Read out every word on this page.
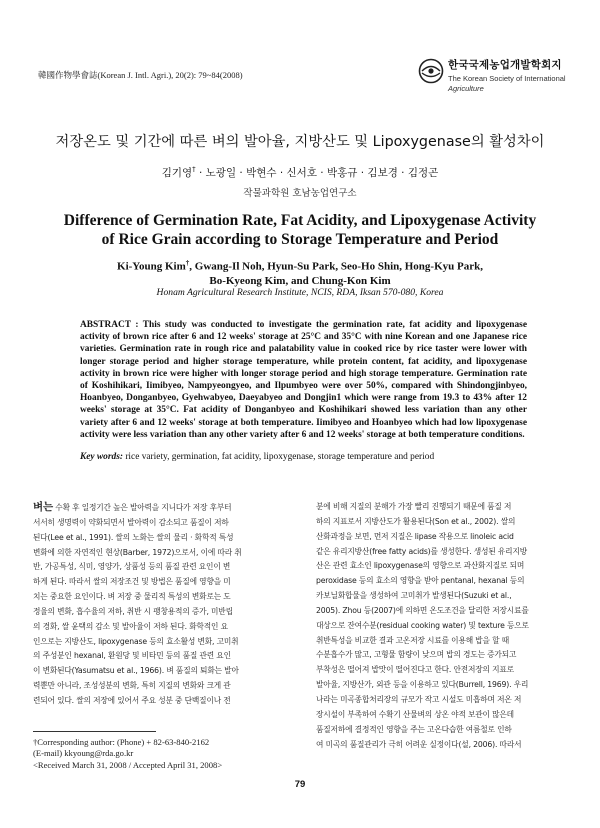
韓國作物學會誌(Korean J. Intl. Agri.), 20(2): 79~84(2008)
한국국제농업개발학회지
The Korean Society of International
Agriculture
저장온도 및 기간에 따른 벼의 발아율, 지방산도 및 Lipoxygenase의 활성차이
김기영† · 노광일 · 박현수 · 신서호 · 박홍규 · 김보경 · 김정곤
작물과학원 호남농업연구소
Difference of Germination Rate, Fat Acidity, and Lipoxygenase Activity
of Rice Grain according to Storage Temperature and Period
Ki-Young Kim†, Gwang-Il Noh, Hyun-Su Park, Seo-Ho Shin, Hong-Kyu Park,
Bo-Kyeong Kim, and Chung-Kon Kim
Honam Agricultural Research Institute, NCIS, RDA, Iksan 570-080, Korea
ABSTRACT : This study was conducted to investigate the germination rate, fat acidity and lipoxygenase activity of brown rice after 6 and 12 weeks' storage at 25°C and 35°C with nine Korean and one Japanese rice varieties. Germination rate in rough rice and palatability value in cooked rice by rice taster were lower with longer storage period and higher storage temperature, while protein content, fat acidity, and lipoxygenase activity in brown rice were higher with longer storage period and high storage temperature. Germination rate of Koshihikari, Iimibyeo, Nampyeongyeo, and Ilpumbyeo were over 50%, compared with Shindongjinbyeo, Hoanbyeo, Donganbyeo, Gyehwabyeo, Daeyabyeo and Dongjin1 which were range from 19.3 to 43% after 12 weeks' storage at 35°C. Fat acidity of Donganbyeo and Koshihikari showed less variation than any other variety after 6 and 12 weeks' storage at both temperature. Iimibyeo and Hoanbyeo which had low lipoxygenase activity were less variation than any other variety after 6 and 12 weeks' storage at both temperature conditions.
Key words: rice variety, germination, fat acidity, lipoxygenase, storage temperature and period
벼는 수확 후 일정기간 높은 발아력을 지니다가 저장 후부터
서서히 생명력이 약화되면서 발아력이 감소되고 품질이 저하
된다(Lee et al., 1991). 쌀의 노화는 쌀의 물리 · 화학적 특성
변화에 의한 자연적인 현상(Barber, 1972)으로서, 이에 따라 취
반, 가공특성, 식미, 영양가, 상품성 등의 품질 관련 요인이 변
하게 된다. 따라서 쌀의 저장조건 및 방법은 품질에 영향을 미
치는 중요한 요인이다. 벼 저장 중 물리적 특성의 변화로는 도
정율의 변화, 흡수율의 저하, 취반 시 팽창용적의 증가, 미반립
의 경화, 쌀 윤택의 감소 및 발아율이 저하 된다. 화학적인 요
인으로는 지방산도, lipoxygenase 등의 효소활성 변화, 고미취
의 주성분인 hexanal, 환원당 및 비타민 등의 품질 관련 요인
이 변화된다(Yasumatsu et al., 1966). 벼 품질의 퇴화는 발아
력뿐만 아니라, 조성성분의 변화, 특히 지질의 변화와 크게 관
련되어 있다. 쌀의 저장에 있어서 주요 성분 중 단백질이나 전
분에 비해 지질의 분해가 가장 빨리 진행되기 때문에 품질 저
하의 지표로서 지방산도가 활용된다(Son et al., 2002). 쌀의
산화과정을 보면, 먼저 지질은 lipase 작용으로 linoleic acid
같은 유리지방산(free fatty acids)를 생성한다. 생성된 유리지방
산은 관련 효소인 lipoxygenase의 영향으로 과산화지질로 되며
peroxidase 등의 효소의 영향을 받아 pentanal, hexanal 등의
카보닐화합물을 생성하여 고미취가 발생된다(Suzuki et al.,
2005). Zhou 등(2007)에 의하면 온도조건을 달리한 저장시료를
대상으로 잔여수분(residual cooking water) 및 texture 등으로
취반특성을 비교한 결과 고온저장 시료를 이용해 밥을 할 때
수분흡수가 많고, 고형물 함량이 낮으며 밥의 경도는 증가되고
부착성은 떨어져 밥맛이 떨어진다고 한다. 안전저장의 지표로
발아율, 지방산가, 외관 등을 이용하고 있다(Burrell, 1969). 우리
나라는 미곡종합처리장의 규모가 작고 시설도 미흡하며 저온 저
장시설이 부족하여 수확기 산물벼의 상온 야적 보관이 많은데
품질저하에 결정적인 영향을 주는 고온다습한 여름철로 인하
여 미곡의 품질관리가 극히 어려운 실정이다(설, 2006). 따라서
†Corresponding author: (Phone) + 82-63-840-2162
(E-mail) kkyoung@rda.go.kr
<Received March 31, 2008 / Accepted April 31, 2008>
79
